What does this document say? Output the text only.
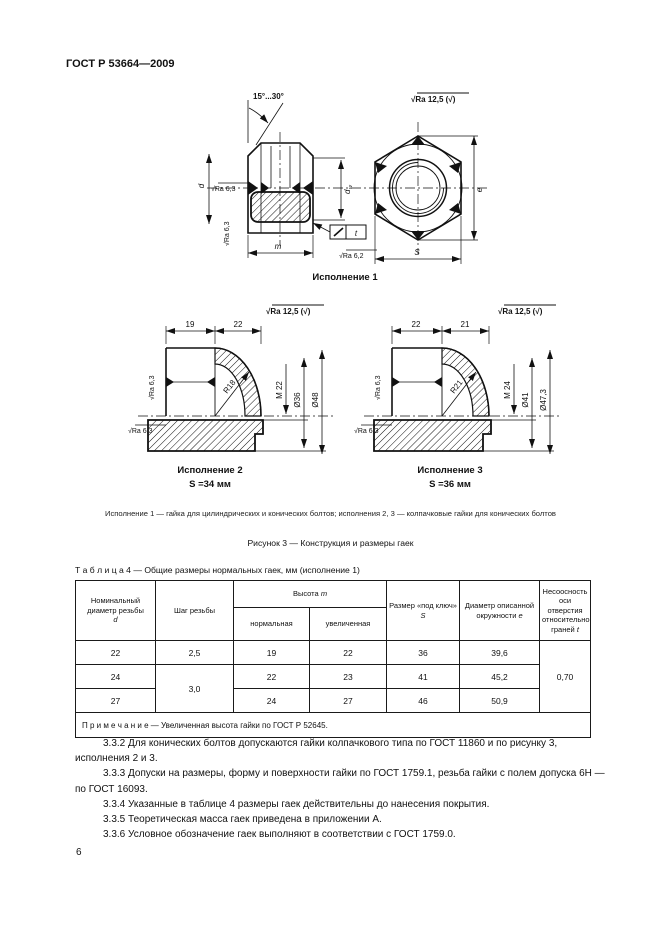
ГОСТ Р 53664—2009
15°...30°
d √Ra 6,3
√Ra 6,3
m
d
w
t
√Ra 6,2	S
e
√Ra 12,5 (√)
Исполнение 1
√Ra 12,5 (√)
19	22
R18	M 22
Ø36 Ø48
√Ra 6,3
√Ra 6,3
Исполнение 2
S =34 мм
√Ra 12,5 (√)
22	21
R21	M 24
Ø41 Ø47,3
√Ra 6,3
√Ra 6,3
Исполнение 3
S =36 мм
Исполнение 1 — гайка для цилиндрических и конических болтов; исполнения 2, 3 — колпачковые гайки для конических болтов
Рисунок 3 — Конструкция и размеры гаек
Т а б л и ц а 4 — Общие размеры нормальных гаек, мм (исполнение 1)
Номинальный диаметр резьбы
d	Шаг резьбы	Высота m		Размер «под ключ» S	Диаметр описанной окружности e	Несоосность оси отверстия относительно граней t
		нормальная	увеличенная			
22	2,5	19	22	36	39,6	0,70
24	3,0	22	23	41	45,2	
27		24	27	46	50,9	
П р и м е ч а н и е — Увеличенная высота гайки по ГОСТ Р 52645.						

3.3.2 Для конических болтов допускаются гайки колпачкового типа по ГОСТ 11860 и по рисунку 3, исполнения 2 и 3.

3.3.3 Допуски на размеры, форму и поверхности гайки по ГОСТ 1759.1, резьба гайки с полем допуска 6Н — по ГОСТ 16093.

3.3.4 Указанные в таблице 4 размеры гаек действительны до нанесения покрытия.

3.3.5 Теоретическая масса гаек приведена в приложении А.

3.3.6 Условное обозначение гаек выполняют в соответствии с ГОСТ 1759.0.

6
